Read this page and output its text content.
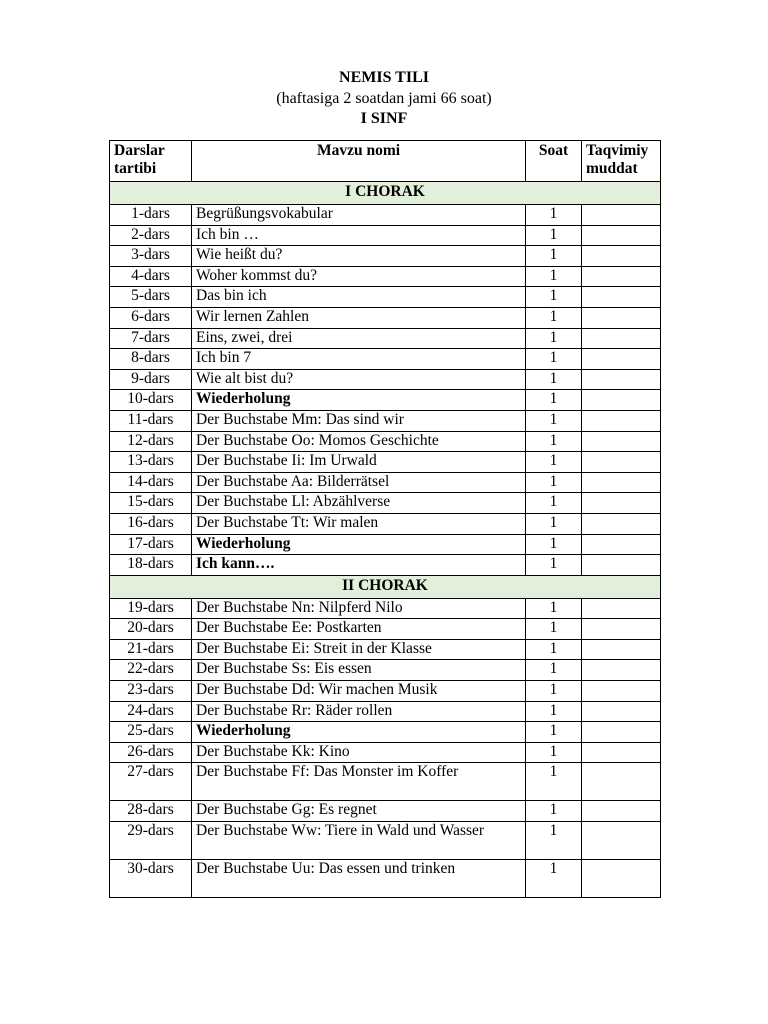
NEMIS TILI
(haftasiga 2 soatdan jami 66 soat)
I SINF
Darslar tartibi	Mavzu nomi	Soat	Taqvimiy muddat
I CHORAK			
1-dars	Begrüßungsvokabular	1	
2-dars	Ich bin …	1	
3-dars	Wie heißt du?	1	
4-dars	Woher kommst du?	1	
5-dars	Das bin ich	1	
6-dars	Wir lernen Zahlen	1	
7-dars	Eins, zwei, drei	1	
8-dars	Ich bin 7	1	
9-dars	Wie alt bist du?	1	
10-dars	Wiederholung	1	
11-dars	Der Buchstabe Mm: Das sind wir	1	
12-dars	Der Buchstabe Oo: Momos Geschichte	1	
13-dars	Der Buchstabe Ii: Im Urwald	1	
14-dars	Der Buchstabe Aa: Bilderrätsel	1	
15-dars	Der Buchstabe Ll: Abzählverse	1	
16-dars	Der Buchstabe Tt: Wir malen	1	
17-dars	Wiederholung	1	
18-dars	Ich kann….	1	
II CHORAK			
19-dars	Der Buchstabe Nn: Nilpferd Nilo	1	
20-dars	Der Buchstabe Ee: Postkarten	1	
21-dars	Der Buchstabe Ei: Streit in der Klasse	1	
22-dars	Der Buchstabe Ss: Eis essen	1	
23-dars	Der Buchstabe Dd: Wir machen Musik	1	
24-dars	Der Buchstabe Rr: Räder rollen	1	
25-dars	Wiederholung	1	
26-dars	Der Buchstabe Kk: Kino	1	
27-dars	Der Buchstabe Ff: Das Monster im Koffer	1	
28-dars	Der Buchstabe Gg: Es regnet	1	
29-dars	Der Buchstabe Ww: Tiere in Wald und Wasser	1	
30-dars	Der Buchstabe Uu: Das essen und trinken	1	
